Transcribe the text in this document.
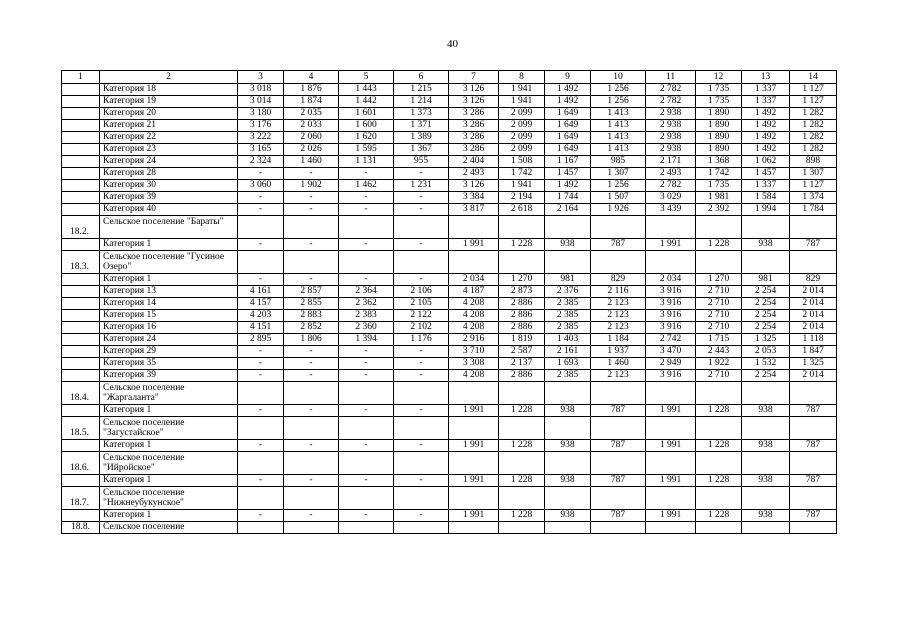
40
1	2	3	4	5	6	7	8	9	10	11	12	13	14
	Категория 18	3 018	1 876	1 443	1 215	3 126	1 941	1 492	1 256	2 782	1 735	1 337	1 127
	Категория 19	3 014	1 874	1 442	1 214	3 126	1 941	1 492	1 256	2 782	1 735	1 337	1 127
	Категория 20	3 180	2 035	1 601	1 373	3 286	2 099	1 649	1 413	2 938	1 890	1 492	1 282
	Категория 21	3 176	2 033	1 600	1 371	3 286	2 099	1 649	1 413	2 938	1 890	1 492	1 282
	Категория 22	3 222	2 060	1 620	1 389	3 286	2 099	1 649	1 413	2 938	1 890	1 492	1 282
	Категория 23	3 165	2 026	1 595	1 367	3 286	2 099	1 649	1 413	2 938	1 890	1 492	1 282
	Категория 24	2 324	1 460	1 131	955	2 404	1 508	1 167	985	2 171	1 368	1 062	898
	Категория 28	-	-	-	-	2 493	1 742	1 457	1 307	2 493	1 742	1 457	1 307
	Категория 30	3 060	1 902	1 462	1 231	3 126	1 941	1 492	1 256	2 782	1 735	1 337	1 127
	Категория 39	-	-	-	-	3 384	2 194	1 744	1 507	3 029	1 981	1 584	1 374
	Категория 40	-	-	-	-	3 817	2 618	2 164	1 926	3 439	2 392	1 994	1 784
18.2.	Сельское поселение "Бараты"												
	Категория 1	-	-	-	-	1 991	1 228	938	787	1 991	1 228	938	787
18.3.	Сельское поселение "Гусиное Озеро"												
	Категория 1	-	-	-	-	2 034	1 270	981	829	2 034	1 270	981	829
	Категория 13	4 161	2 857	2 364	2 106	4 187	2 873	2 376	2 116	3 916	2 710	2 254	2 014
	Категория 14	4 157	2 855	2 362	2 105	4 208	2 886	2 385	2 123	3 916	2 710	2 254	2 014
	Категория 15	4 203	2 883	2 383	2 122	4 208	2 886	2 385	2 123	3 916	2 710	2 254	2 014
	Категория 16	4 151	2 852	2 360	2 102	4 208	2 886	2 385	2 123	3 916	2 710	2 254	2 014
	Категория 24	2 895	1 806	1 394	1 176	2 916	1 819	1 403	1 184	2 742	1 715	1 325	1 118
	Категория 29	-	-	-	-	3 710	2 587	2 161	1 937	3 470	2 443	2 053	1 847
	Категория 35	-	-	-	-	3 308	2 137	1 693	1 460	2 949	1 922	1 532	1 325
	Категория 39	-	-	-	-	4 208	2 886	2 385	2 123	3 916	2 710	2 254	2 014
18.4.	Сельское поселение "Жаргаланта"												
	Категория 1	-	-	-	-	1 991	1 228	938	787	1 991	1 228	938	787
18.5.	Сельское поселение "Загустайское"												
	Категория 1	-	-	-	-	1 991	1 228	938	787	1 991	1 228	938	787
18.6.	Сельское поселение "Ийройское"												
	Категория 1	-	-	-	-	1 991	1 228	938	787	1 991	1 228	938	787
18.7.	Сельское поселение "Нижнеубукунское"												
	Категория 1	-	-	-	-	1 991	1 228	938	787	1 991	1 228	938	787
18.8.	Сельское поселение												
